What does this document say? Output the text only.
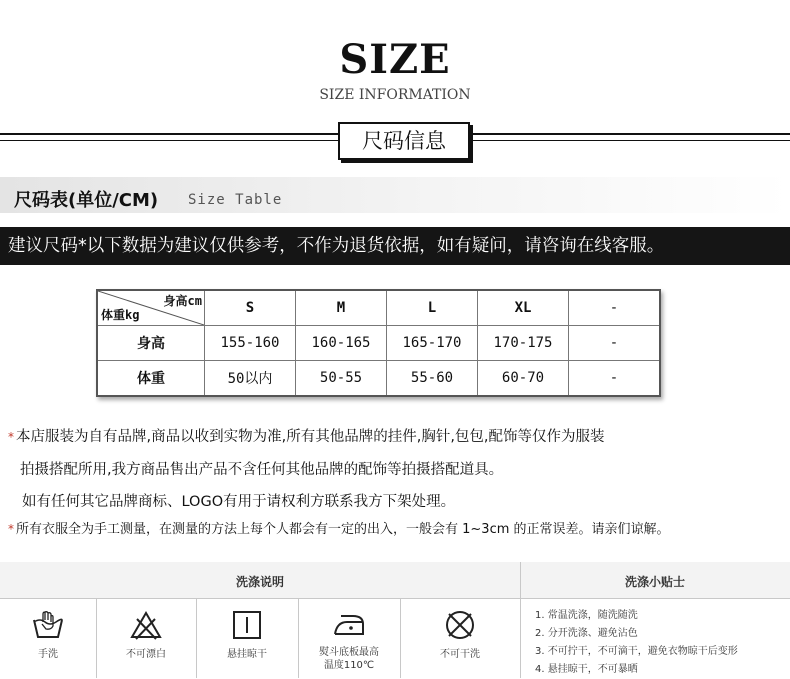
SIZE
SIZE INFORMATION
尺码信息
尺码表(单位/CM) Size Table
建议尺码*以下数据为建议仅供参考，不作为退货依据，如有疑问，请咨询在线客服。
身高cm
体重kg	S	M	L	XL	-
身高	155-160	160-165	165-170	170-175	-
体重	50以内	50-55	55-60	60-70	-
* 本店服装为自有品牌,商品以收到实物为准,所有其他品牌的挂件,胸针,包包,配饰等仅作为服装
拍摄搭配所用,我方商品售出产品不含任何其他品牌的配饰等拍摄搭配道具。
如有任何其它品牌商标、LOGO有用于请权利方联系我方下架处理。
* 所有衣服全为手工测量，在测量的方法上每个人都会有一定的出入，一般会有 1~3cm 的正常误差。请亲们谅解。
洗涤说明	洗涤小贴士
手洗	不可漂白	悬挂晾干	熨斗底板最高
温度110℃
不可干洗
1. 常温洗涤，随洗随洗
2. 分开洗涤、避免沾色
3. 不可拧干，不可滴干，避免衣物晾干后变形
4. 悬挂晾干，不可暴晒
